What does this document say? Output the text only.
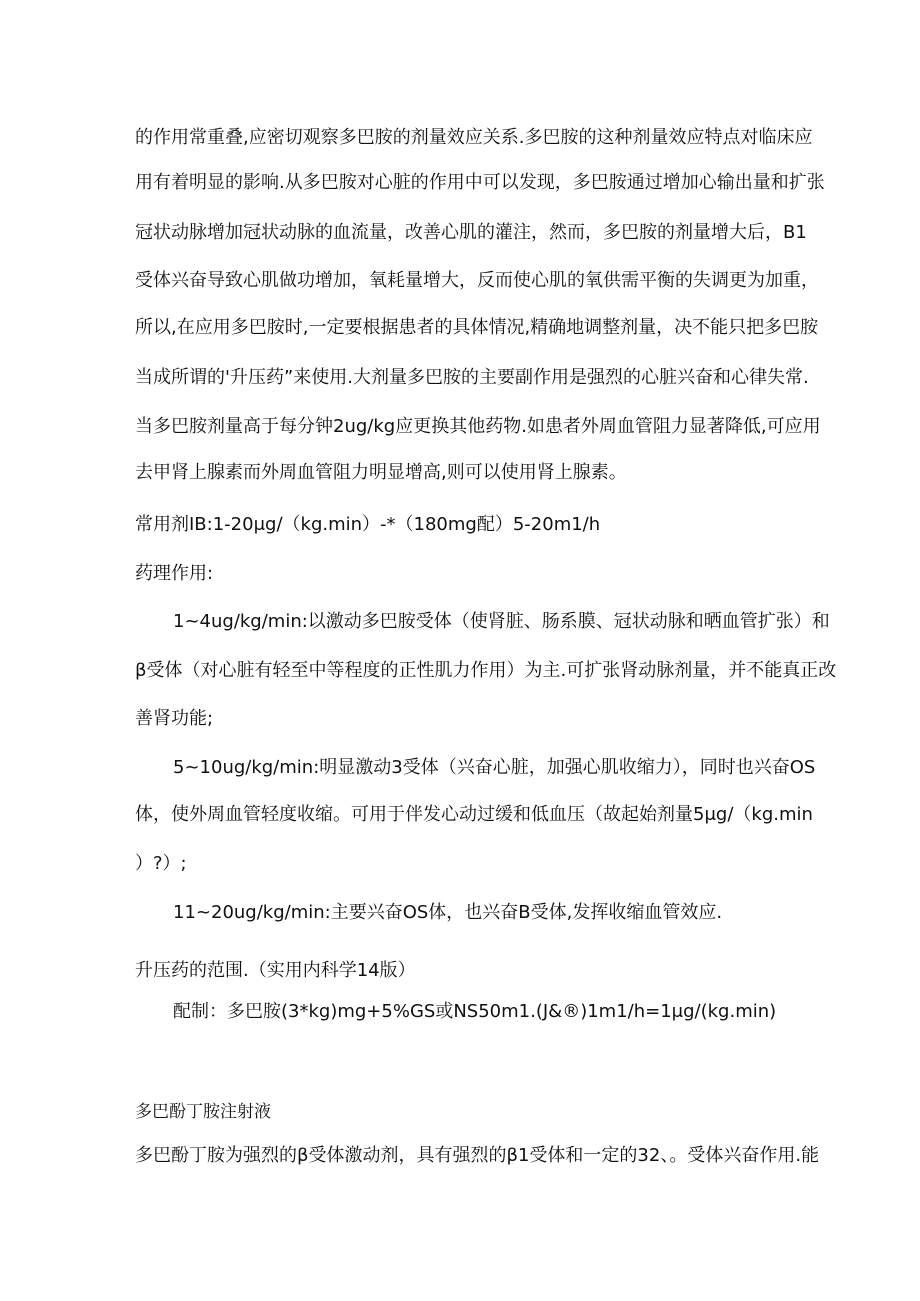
的作用常重叠,应密切观察多巴胺的剂量效应关系.多巴胺的这种剂量效应特点对临床应
用有着明显的影响.从多巴胺对心脏的作用中可以发现，多巴胺通过增加心输出量和扩张
冠状动脉增加冠状动脉的血流量，改善心肌的灌注，然而，多巴胺的剂量增大后，B1
受体兴奋导致心肌做功增加，氧耗量增大，反而使心肌的氧供需平衡的失调更为加重，
所以,在应用多巴胺时,一定要根据患者的具体情况,精确地调整剂量，决不能只把多巴胺
当成所谓的'升压药”来使用.大剂量多巴胺的主要副作用是强烈的心脏兴奋和心律失常.
当多巴胺剂量高于每分钟2ug∕kg应更换其他药物.如患者外周血管阻力显著降低,可应用
去甲肾上腺素而外周血管阻力明显增高,则可以使用肾上腺素。
常用剂IB:1-20μg∕（kg.min）-*（180mg配）5-20m1∕h
药理作用:
1~4ug∕kg∕min:以激动多巴胺受体（使肾脏、肠系膜、冠状动脉和晒血管扩张）和
β受体（对心脏有轻至中等程度的正性肌力作用）为主.可扩张肾动脉剂量，并不能真正改
善肾功能;
5~10ug∕kg∕min:明显激动3受体（兴奋心脏，加强心肌收缩力），同时也兴奋OS
体，使外周血管轻度收缩。可用于伴发心动过缓和低血压（故起始剂量5μg∕（kg.min
）?）;
11~20ug∕kg∕min:主要兴奋OS体，也兴奋B受体,发挥收缩血管效应.
升压药的范围.（实用内科学14版）
配制：多巴胺(3*kg)mg+5%GS或NS50m1.(J&®)1m1∕h=1μg∕(kg.min)
多巴酚丁胺注射液
多巴酚丁胺为强烈的β受体激动剂，具有强烈的β1受体和一定的32、。受体兴奋作用.能
